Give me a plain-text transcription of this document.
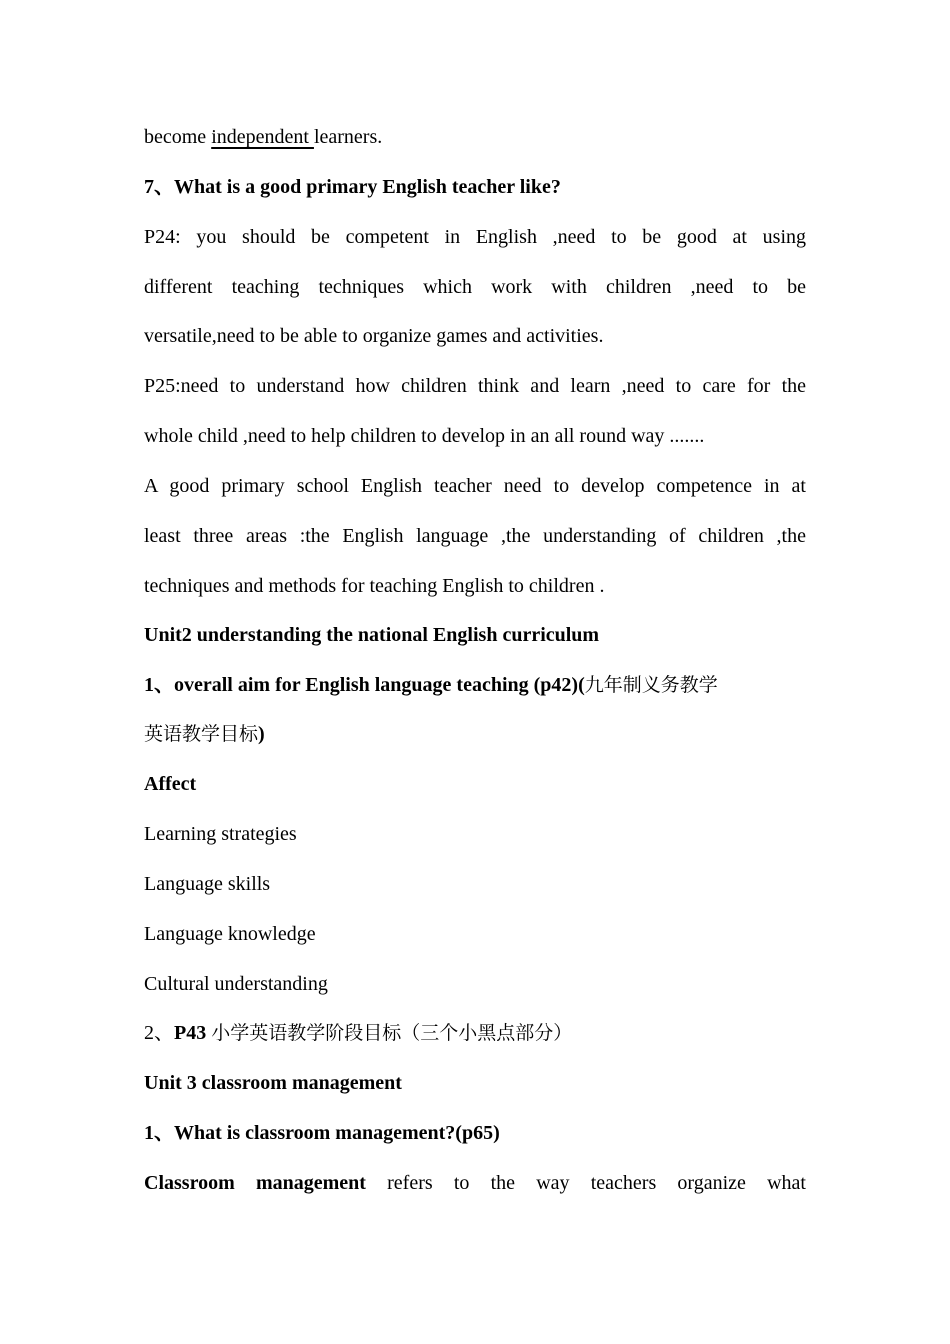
become independent learners.
7、What is a good primary English teacher like?
P24: you should be competent in English ,need to be good at using
different teaching techniques which work with children ,need to be
versatile,need to be able to organize games and activities.
P25:need to understand how children think and learn ,need to care for the
whole child ,need to help children to develop in an all round way .......
A good primary school English teacher need to develop competence in at
least three areas :the English language ,the understanding of children ,the
techniques and methods for teaching English to children .
Unit2 understanding the national English curriculum
1、overall aim for English language teaching (p42)(九年制义务教学
英语教学目标)
Affect
Learning strategies
Language skills
Language knowledge
Cultural understanding
2、P43 小学英语教学阶段目标（三个小黑点部分）
Unit 3 classroom management
1、What is classroom management?(p65)
Classroom management refers to the way teachers organize what
